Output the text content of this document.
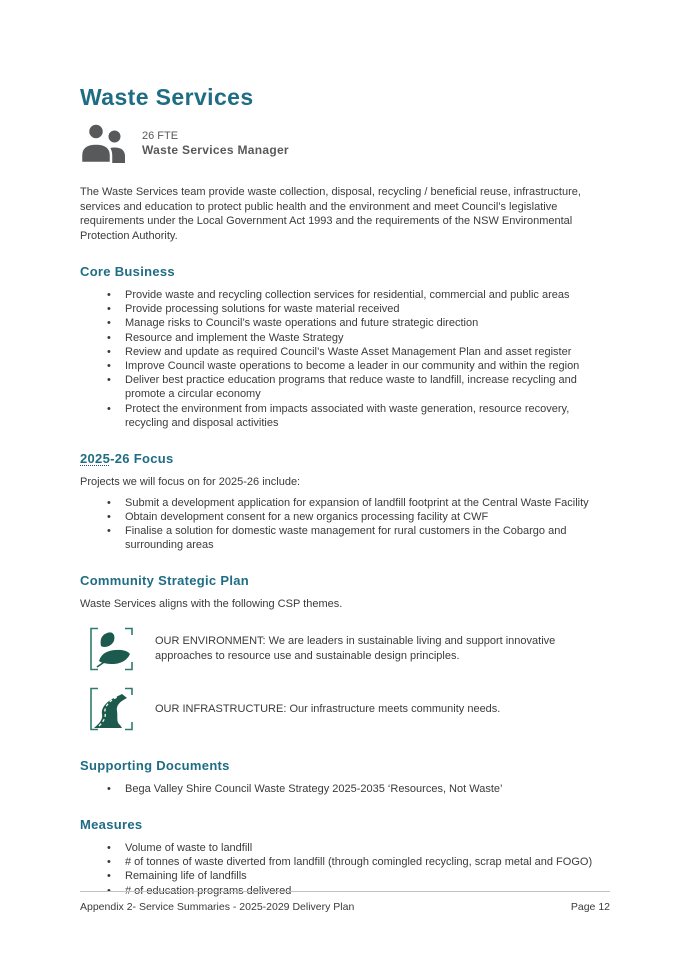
Waste Services
26 FTE
Waste Services Manager

The Waste Services team provide waste collection, disposal, recycling / beneficial reuse, infrastructure, services and education to protect public health and the environment and meet Council’s legislative requirements under the Local Government Act 1993 and the requirements of the NSW Environmental Protection Authority.

Core Business
• Provide waste and recycling collection services for residential, commercial and public areas
• Provide processing solutions for waste material received
• Manage risks to Council’s waste operations and future strategic direction
• Resource and implement the Waste Strategy
• Review and update as required Council’s Waste Asset Management Plan and asset register
• Improve Council waste operations to become a leader in our community and within the region
• Deliver best practice education programs that reduce waste to landfill, increase recycling and promote a circular economy
• Protect the environment from impacts associated with waste generation, resource recovery, recycling and disposal activities
2025-26 Focus

Projects we will focus on for 2025-26 include:

• Submit a development application for expansion of landfill footprint at the Central Waste Facility
• Obtain development consent for a new organics processing facility at CWF
• Finalise a solution for domestic waste management for rural customers in the Cobargo and surrounding areas
Community Strategic Plan

Waste Services aligns with the following CSP themes.

OUR ENVIRONMENT: We are leaders in sustainable living and support innovative approaches to resource use and sustainable design principles.

OUR INFRASTRUCTURE: Our infrastructure meets community needs.

Supporting Documents
• Bega Valley Shire Council Waste Strategy 2025-2035 ‘Resources, Not Waste’
Measures
• Volume of waste to landfill
• # of tonnes of waste diverted from landfill (through comingled recycling, scrap metal and FOGO)
• Remaining life of landfills
• # of education programs delivered
Appendix 2- Service Summaries - 2025-2029 Delivery Plan	Page 12
